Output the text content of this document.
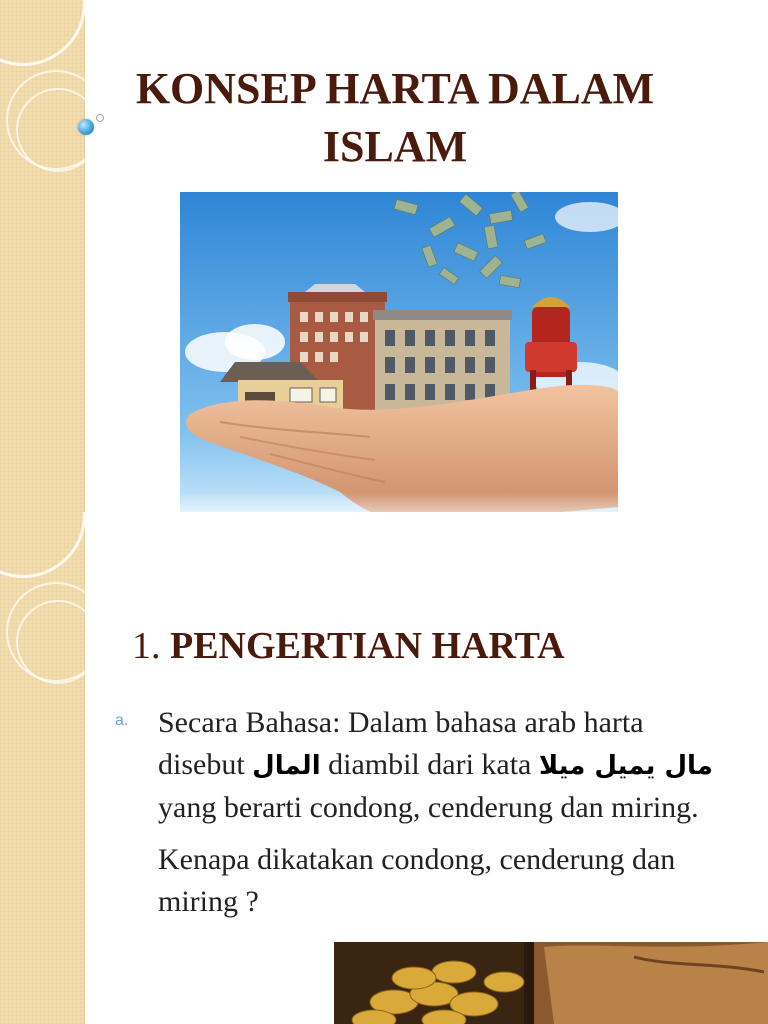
KONSEP HARTA DALAM
ISLAM
1. PENGERTIAN HARTA
a. Secara Bahasa: Dalam bahasa arab harta disebut المال diambil dari kata مال يميل ميلا yang berarti condong, cenderung dan miring.

Kenapa dikatakan condong, cenderung dan miring ?
